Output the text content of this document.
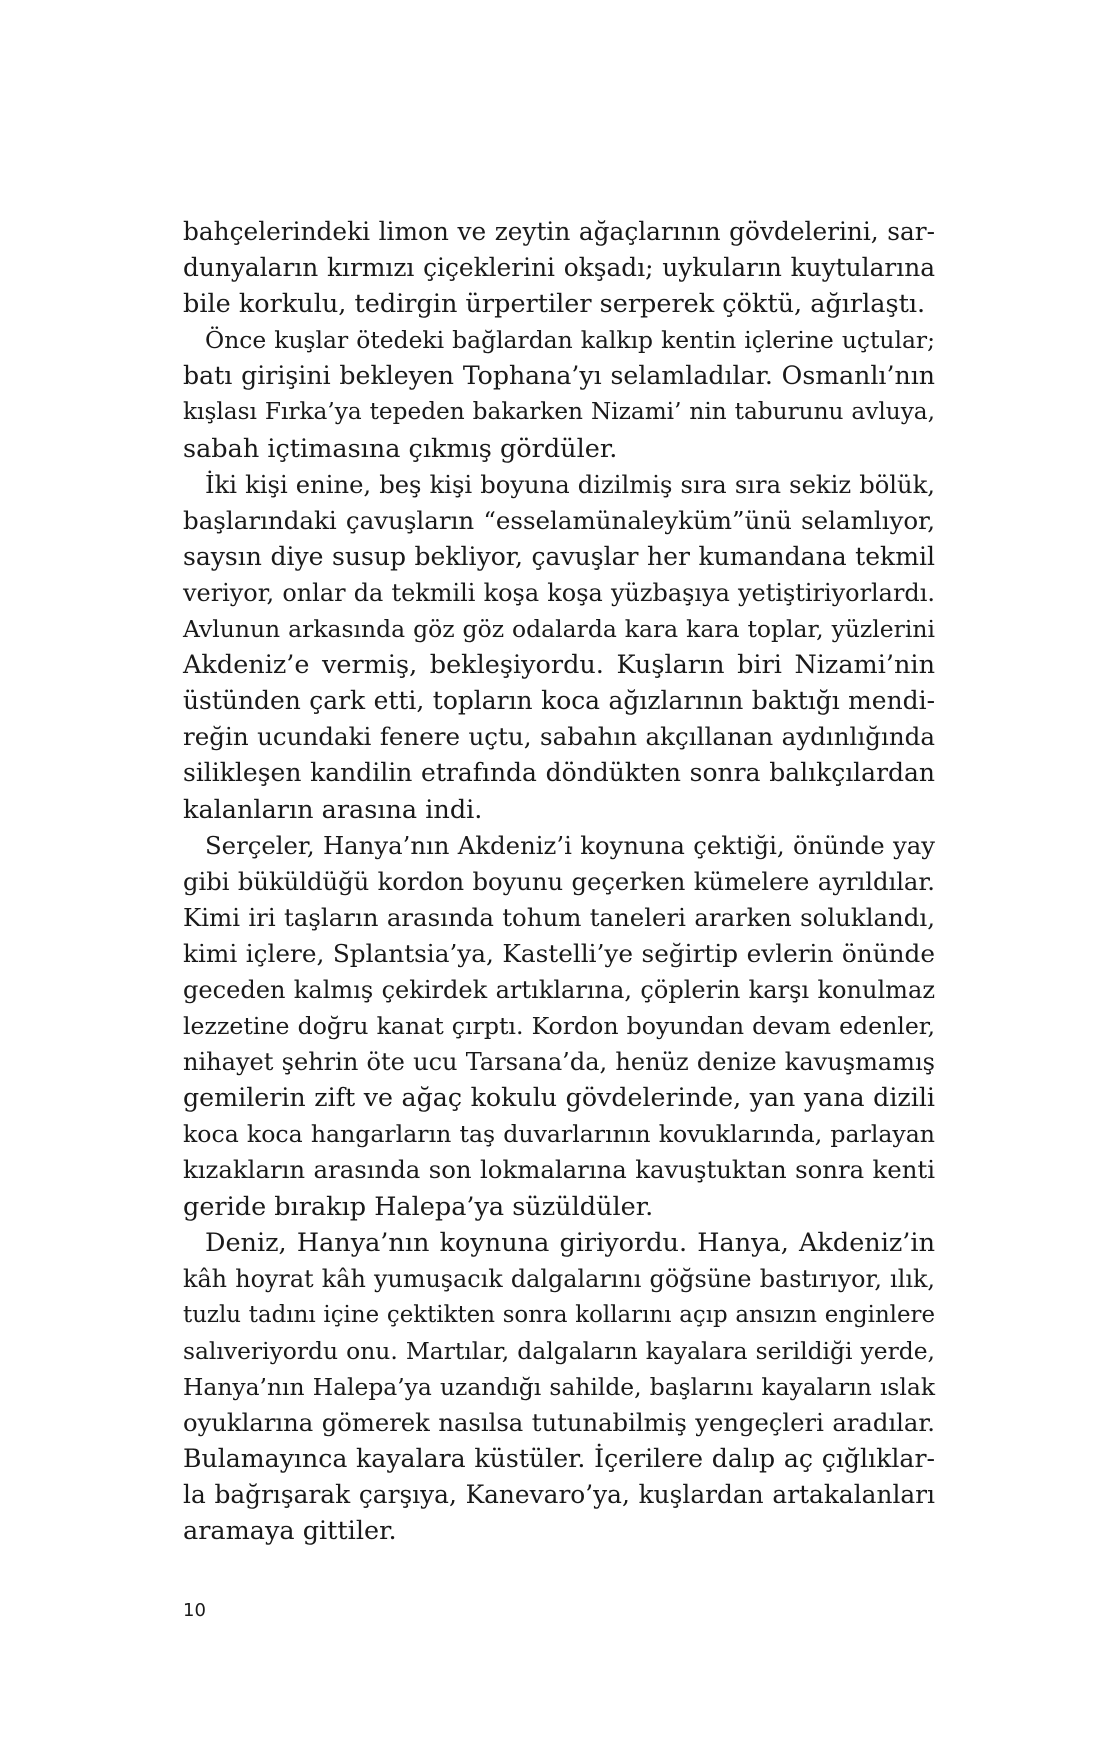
bahçelerindeki limon ve zeytin ağaçlarının gövdelerini, sar-
dunyaların kırmızı çiçeklerini okşadı; uykuların kuytularına
bile korkulu, tedirgin ürpertiler serperek çöktü, ağırlaştı.
Önce kuşlar ötedeki bağlardan kalkıp kentin içlerine uçtular;
batı girişini bekleyen Tophana’yı selamladılar. Osmanlı’nın
kışlası Fırka’ya tepeden bakarken Nizami’ nin taburunu avluya,
sabah içtimasına çıkmış gördüler.
İki kişi enine, beş kişi boyuna dizilmiş sıra sıra sekiz bölük,
başlarındaki çavuşların “esselamünaleyküm”ünü selamlıyor,
saysın diye susup bekliyor, çavuşlar her kumandana tekmil
veriyor, onlar da tekmili koşa koşa yüzbaşıya yetiştiriyorlardı.
Avlunun arkasında göz göz odalarda kara kara toplar, yüzlerini
Akdeniz’e vermiş, bekleşiyordu. Kuşların biri Nizami’nin
üstünden çark etti, topların koca ağızlarının baktığı mendi-
reğin ucundaki fenere uçtu, sabahın akçıllanan aydınlığında
silikleşen kandilin etrafında döndükten sonra balıkçılardan
kalanların arasına indi.
Serçeler, Hanya’nın Akdeniz’i koynuna çektiği, önünde yay
gibi büküldüğü kordon boyunu geçerken kümelere ayrıldılar.
Kimi iri taşların arasında tohum taneleri ararken soluklandı,
kimi içlere, Splantsia’ya, Kastelli’ye seğirtip evlerin önünde
geceden kalmış çekirdek artıklarına, çöplerin karşı konulmaz
lezzetine doğru kanat çırptı. Kordon boyundan devam edenler,
nihayet şehrin öte ucu Tarsana’da, henüz denize kavuşmamış
gemilerin zift ve ağaç kokulu gövdelerinde, yan yana dizili
koca koca hangarların taş duvarlarının kovuklarında, parlayan
kızakların arasında son lokmalarına kavuştuktan sonra kenti
geride bırakıp Halepa’ya süzüldüler.
Deniz, Hanya’nın koynuna giriyordu. Hanya, Akdeniz’in
kâh hoyrat kâh yumuşacık dalgalarını göğsüne bastırıyor, ılık,
tuzlu tadını içine çektikten sonra kollarını açıp ansızın enginlere
salıveriyordu onu. Martılar, dalgaların kayalara serildiği yerde,
Hanya’nın Halepa’ya uzandığı sahilde, başlarını kayaların ıslak
oyuklarına gömerek nasılsa tutunabilmiş yengeçleri aradılar.
Bulamayınca kayalara küstüler. İçerilere dalıp aç çığlıklar-
la bağrışarak çarşıya, Kanevaro’ya, kuşlardan artakalanları
aramaya gittiler.
10
